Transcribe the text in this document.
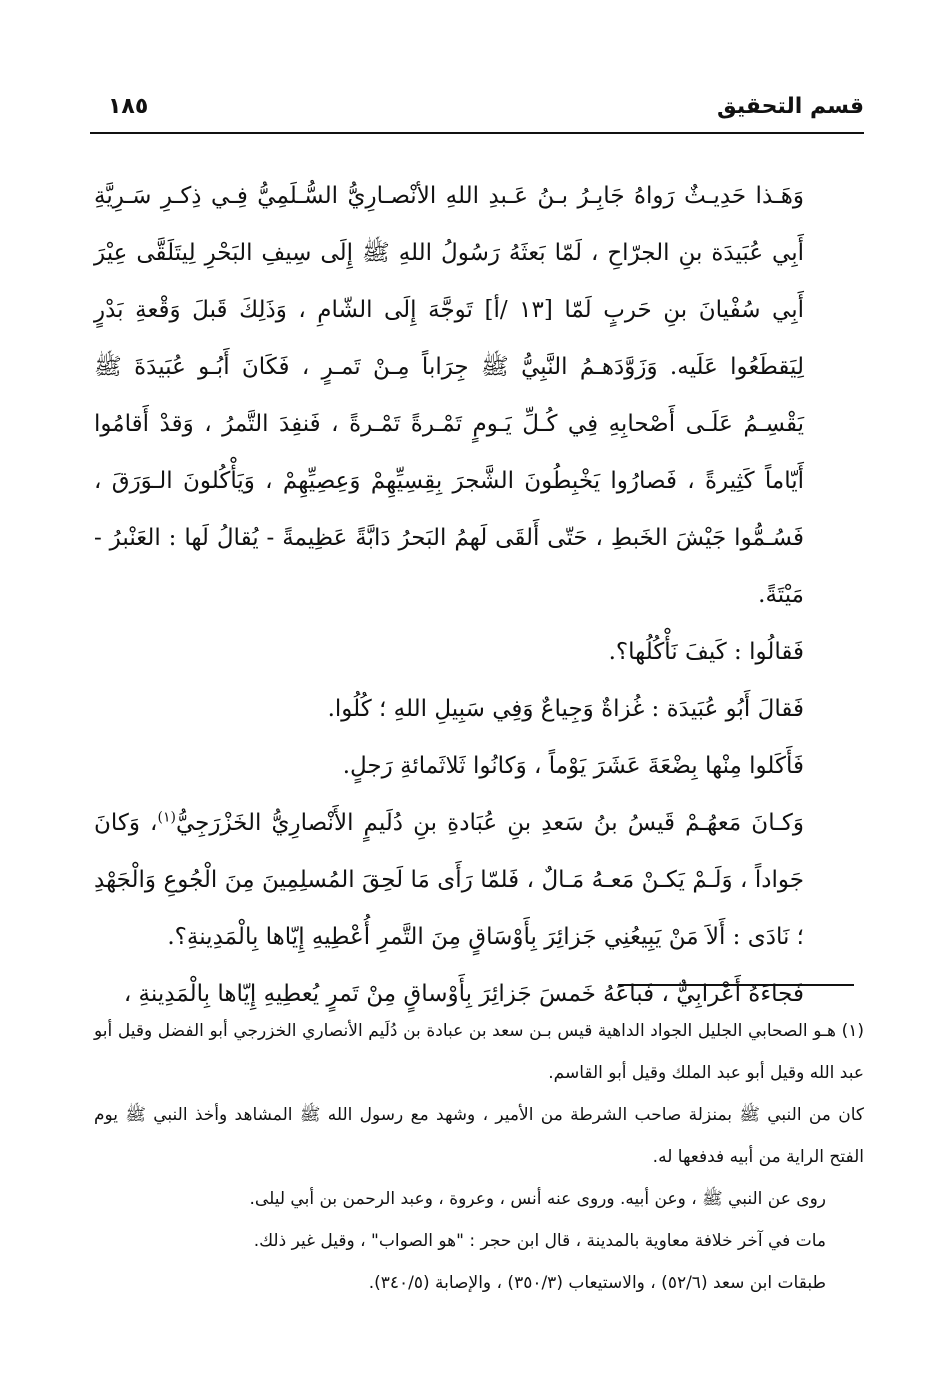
قسم التحقيق
١٨٥

وَهَـذا حَدِيـثٌ رَواهُ جَابِـرُ بـنُ عَـبدِ اللهِ الأنْصـارِيُّ السُّـلَمِيُّ فِـي ذِكـرِ سَـرِيَّةِ أَبِي عُبَيدَة بنِ الجرّاحِ ، لَمّا بَعثَهُ رَسُولُ اللهِ ﷺ إِلَى سِيفِ البَحْرِ لِيتَلَقَّى عِيْرَ أَبِي سُفْيانَ بنِ حَربٍ لَمّا [١٣ /أ] تَوجَّهَ إِلَى الشّامِ ، وَذَلِكَ قَبلَ وَقْعةِ بَدْرٍ لِيَقطَعُوا عَلَيه. وَزَوَّدَهـمُ النَّبِيُّ ﷺ جِرَاباً مِـنْ تَمـرٍ ، فَكَانَ أَبُـو عُبَيدَةَ ﷺ يَقْسِـمُ عَلَـى أَصْحابِهِ فِي كُـلِّ يَـومٍ تَمْـرةً تَمْـرةً ، فَنفِدَ التَّمرُ ، وَقدْ أَقامُوا أَيّاماً كَثِيرةً ، فَصارُوا يَخْبِطُونَ الشَّجرَ بِقِسِيِّهِمْ وَعِصِيِّهِمْ ، وَيَأْكُلونَ الـوَرَقَ ، فَسُـمُّوا جَيْشَ الخَبطِ ، حَتّى أَلقَى لَهمُ البَحرُ دَابَّةً عَظِيمةً - يُقالُ لَها : العَنْبرُ - مَيْتَةً.

فَقالُوا : كَيفَ نَأْكُلُها؟.

فَقالَ أَبُو عُبَيدَة : غُزاةٌ وَجِياعٌ وَفِي سَبِيلِ اللهِ ؛ كُلُوا.

فَأَكَلوا مِنْها بِضْعَةَ عَشَرَ يَوْماً ، وَكانُوا ثَلاثَمائةِ رَجلٍ.

وَكـانَ مَعهُـمْ قَيسُ بنُ سَعدِ بنِ عُبَادةِ بنِ دُلَيمٍ الأَنْصارِيُّ الخَزْرَجِيُّ$^{(١)}$، وَكانَ جَواداً ، وَلَـمْ يَكـنْ مَعـهُ مَـالٌ ، فَلمّا رَأَى مَا لَحِقَ المُسلِمِينَ مِنَ الْجُوعِ وَالْجَهْدِ ؛ نَادَى : أَلاَ مَنْ يَبِيعُنِي جَزائِرَ بِأَوْسَاقٍ مِنَ التَّمرِ أُعْطِيهِ إِيّاها بِالْمَدِينةِ؟.

فَجاءَهُ أَعْرابِيٌّ ، فَباعَهُ خَمسَ جَزائِرَ بِأَوْساقٍ مِنْ تَمرٍ يُعطِيهِ إِيّاها بِالْمَدِينةِ ،

(١) هـو الصحابي الجليل الجواد الداهية قيس بـن سعد بن عبادة بن دُلَيم الأنصاري الخزرجي أبو الفضل وقيل أبو عبد الله وقيل أبو عبد الملك وقيل أبو القاسم.

كان من النبي ﷺ بمنزلة صاحب الشرطة من الأمير ، وشهد مع رسول الله ﷺ المشاهد وأخذ النبي ﷺ يوم الفتح الراية من أبيه فدفعها له.

روى عن النبي ﷺ ، وعن أبيه. وروى عنه أنس ، وعروة ، وعبد الرحمن بن أبي ليلى.

مات في آخر خلافة معاوية بالمدينة ، قال ابن حجر : "هو الصواب" ، وقيل غير ذلك.

طبقات ابن سعد (٥٢/٦) ، والاستيعاب (٣٥٠/٣) ، والإصابة (٣٤٠/٥).
